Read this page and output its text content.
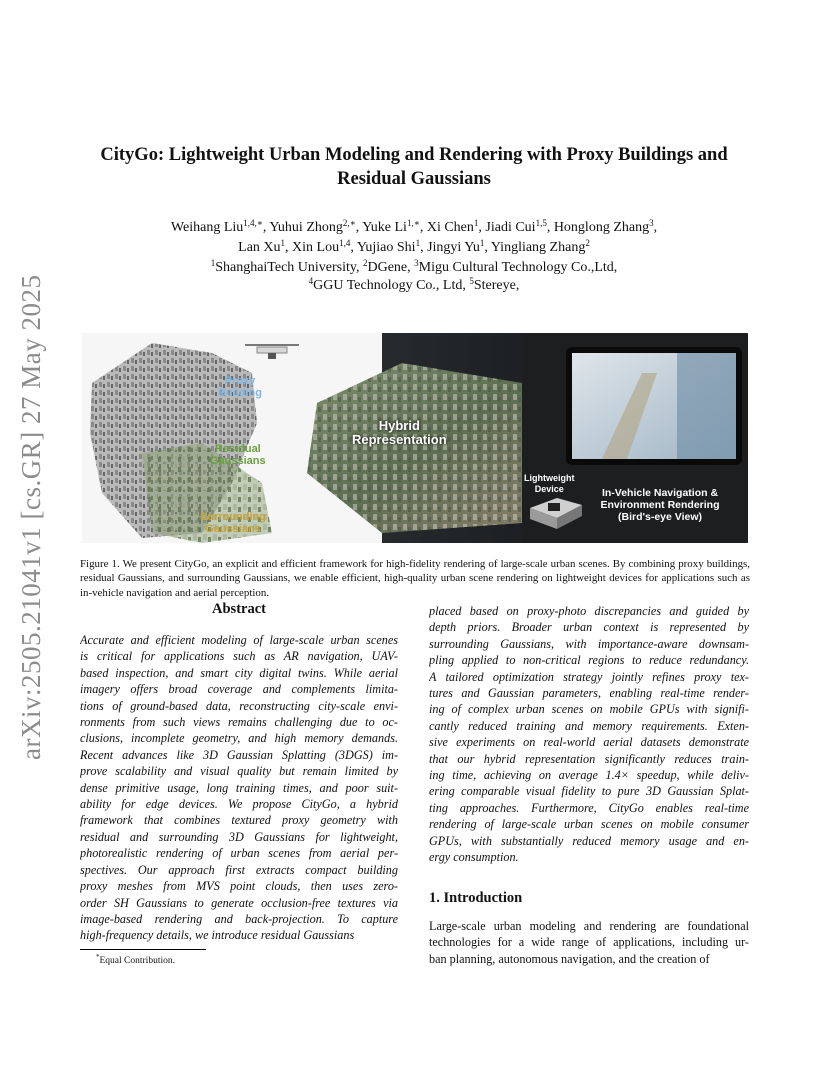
arXiv:2505.21041v1 [cs.GR] 27 May 2025
CityGo: Lightweight Urban Modeling and Rendering with Proxy Buildings and
Residual Gaussians
Weihang Liu$^{1,4,∗}$, Yuhui Zhong$^{2,∗}$, Yuke $Li^{1,∗}$, Xi Chen$^1$, Jiadi Cui$^{1,5}$, Honglong Zhang$^3$,
Lan Xu$^1$, Xin Lou$^{1,4}$, Yujiao Shi$^1$, Jingyi Yu$^1$, Yingliang Zhang$^2$
$^1$ShanghaiTech University, $^2$DGene, $^3$Migu Cultural Technology Co.,Ltd,
$^4$GGU Technology Co., Ltd, $^5$Stereye,
Proxy
Building
Residual
Gaussians
Surrounding
Gaussians
Hybrid
Representation
Lightweight
Device	In-Vehicle Navigation &
Environment Rendering
(Bird's-eye View)
Figure 1. We present CityGo, an explicit and efficient framework for high-fidelity rendering of large-scale urban scenes. By combining proxy buildings, residual Gaussians, and surrounding Gaussians, we enable efficient, high-quality urban scene rendering on lightweight devices for applications such as in-vehicle navigation and aerial perception.
Abstract
Accurate and efficient modeling of large-scale urban scenes
is critical for applications such as AR navigation, UAV-
based inspection, and smart city digital twins. While aerial
imagery offers broad coverage and complements limita-
tions of ground-based data, reconstructing city-scale envi-
ronments from such views remains challenging due to oc-
clusions, incomplete geometry, and high memory demands.
Recent advances like 3D Gaussian Splatting (3DGS) im-
prove scalability and visual quality but remain limited by
dense primitive usage, long training times, and poor suit-
ability for edge devices. We propose CityGo, a hybrid
framework that combines textured proxy geometry with
residual and surrounding 3D Gaussians for lightweight,
photorealistic rendering of urban scenes from aerial per-
spectives. Our approach first extracts compact building
proxy meshes from MVS point clouds, then uses zero-
order SH Gaussians to generate occlusion-free textures via
image-based rendering and back-projection. To capture
high-frequency details, we introduce residual Gaussians
placed based on proxy-photo discrepancies and guided by
depth priors. Broader urban context is represented by
surrounding Gaussians, with importance-aware downsam-
pling applied to non-critical regions to reduce redundancy.
A tailored optimization strategy jointly refines proxy tex-
tures and Gaussian parameters, enabling real-time render-
ing of complex urban scenes on mobile GPUs with signifi-
cantly reduced training and memory requirements. Exten-
sive experiments on real-world aerial datasets demonstrate
that our hybrid representation significantly reduces train-
ing time, achieving on average 1.4× speedup, while deliv-
ering comparable visual fidelity to pure 3D Gaussian Splat-
ting approaches. Furthermore, CityGo enables real-time
rendering of large-scale urban scenes on mobile consumer
GPUs, with substantially reduced memory usage and en-
ergy consumption.
1. Introduction
Large-scale urban modeling and rendering are foundational
technologies for a wide range of applications, including ur-
ban planning, autonomous navigation, and the creation of
*Equal Contribution.
